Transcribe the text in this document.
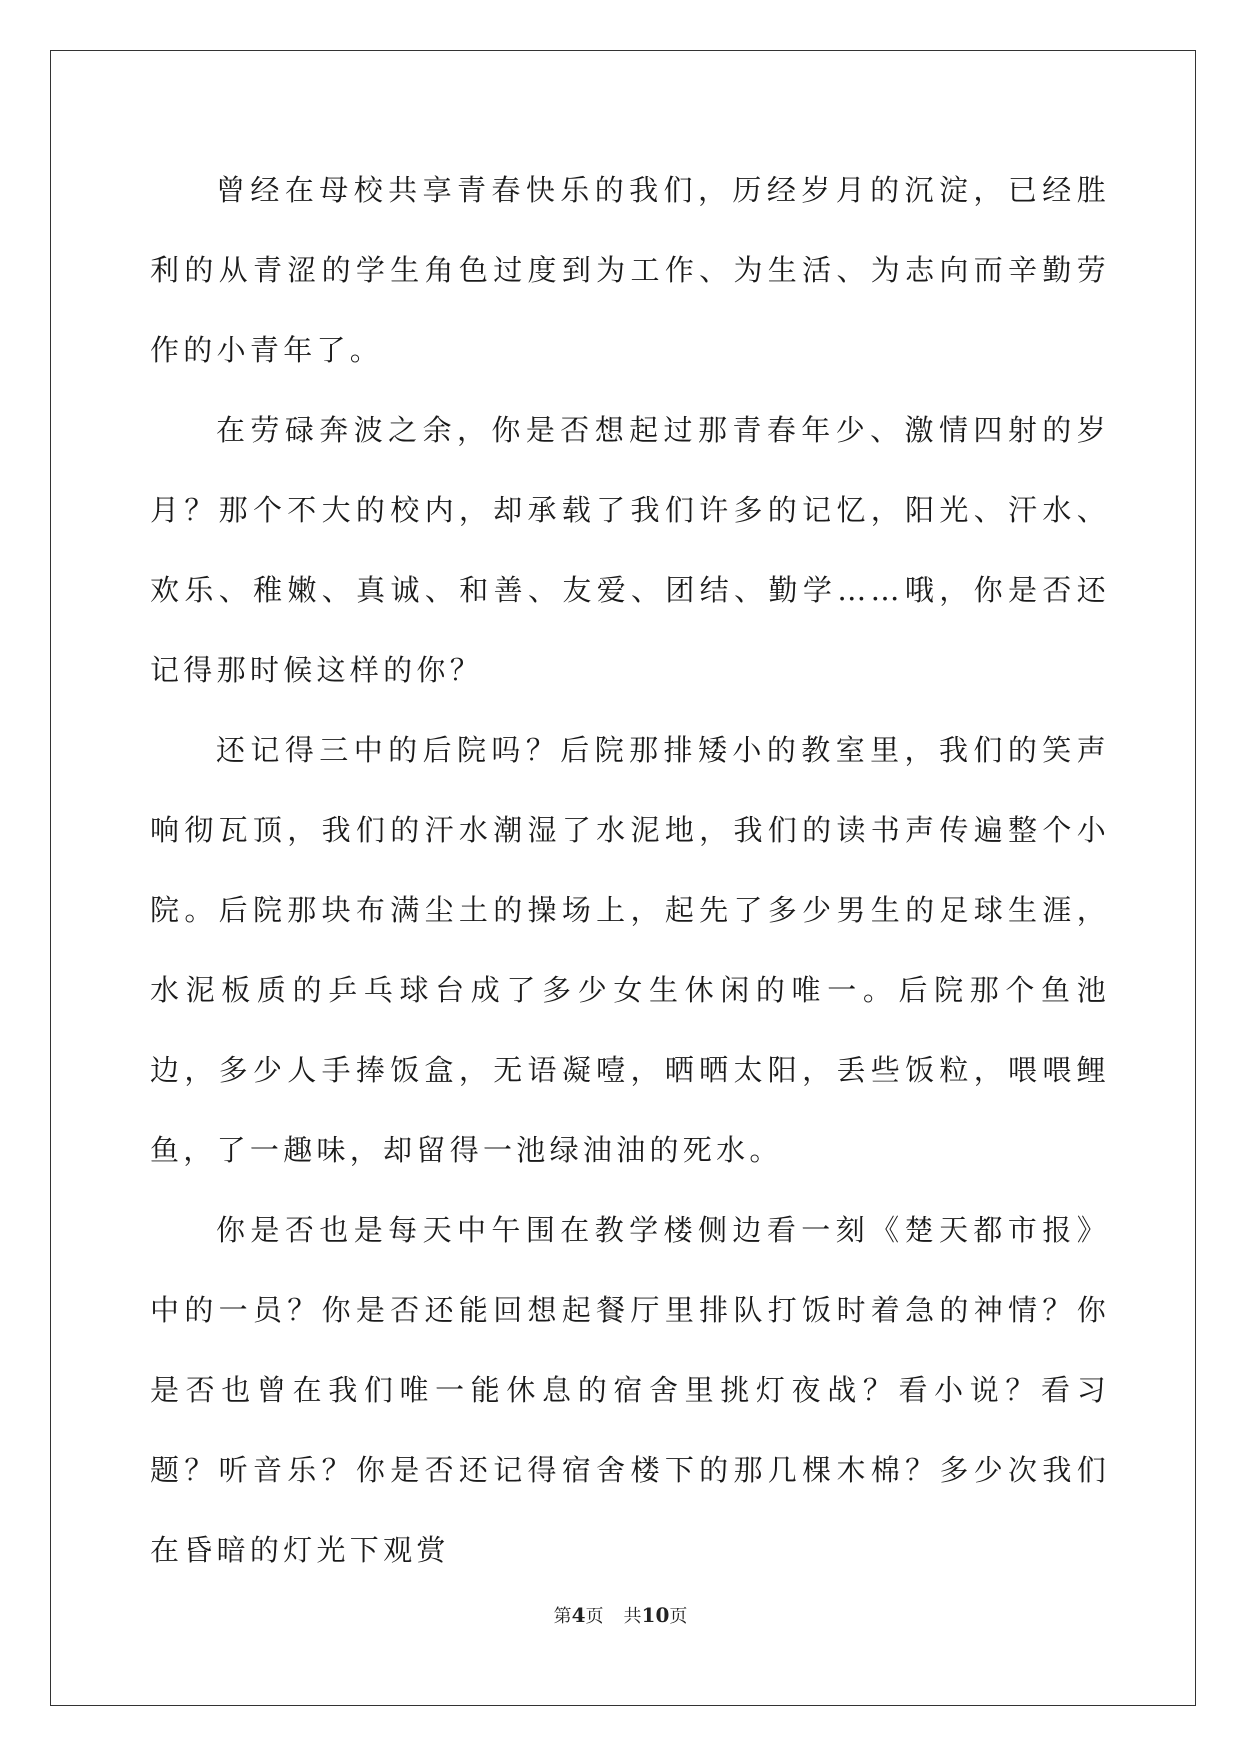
曾经在母校共享青春快乐的我们，历经岁月的沉淀，已经胜利的从青涩的学生角色过度到为工作、为生活、为志向而辛勤劳作的小青年了。

在劳碌奔波之余，你是否想起过那青春年少、激情四射的岁月？那个不大的校内，却承载了我们许多的记忆，阳光、汗水、欢乐、稚嫩、真诚、和善、友爱、团结、勤学……哦，你是否还记得那时候这样的你？

还记得三中的后院吗？后院那排矮小的教室里，我们的笑声响彻瓦顶，我们的汗水潮湿了水泥地，我们的读书声传遍整个小院。后院那块布满尘土的操场上，起先了多少男生的足球生涯，水泥板质的乒乓球台成了多少女生休闲的唯一。后院那个鱼池边，多少人手捧饭盒，无语凝噎，晒晒太阳，丢些饭粒，喂喂鲤鱼，了一趣味，却留得一池绿油油的死水。

你是否也是每天中午围在教学楼侧边看一刻《楚天都市报》中的一员？你是否还能回想起餐厅里排队打饭时着急的神情？你是否也曾在我们唯一能休息的宿舍里挑灯夜战？看小说？看习题？听音乐？你是否还记得宿舍楼下的那几棵木棉？多少次我们在昏暗的灯光下观赏

第4页 共10页
